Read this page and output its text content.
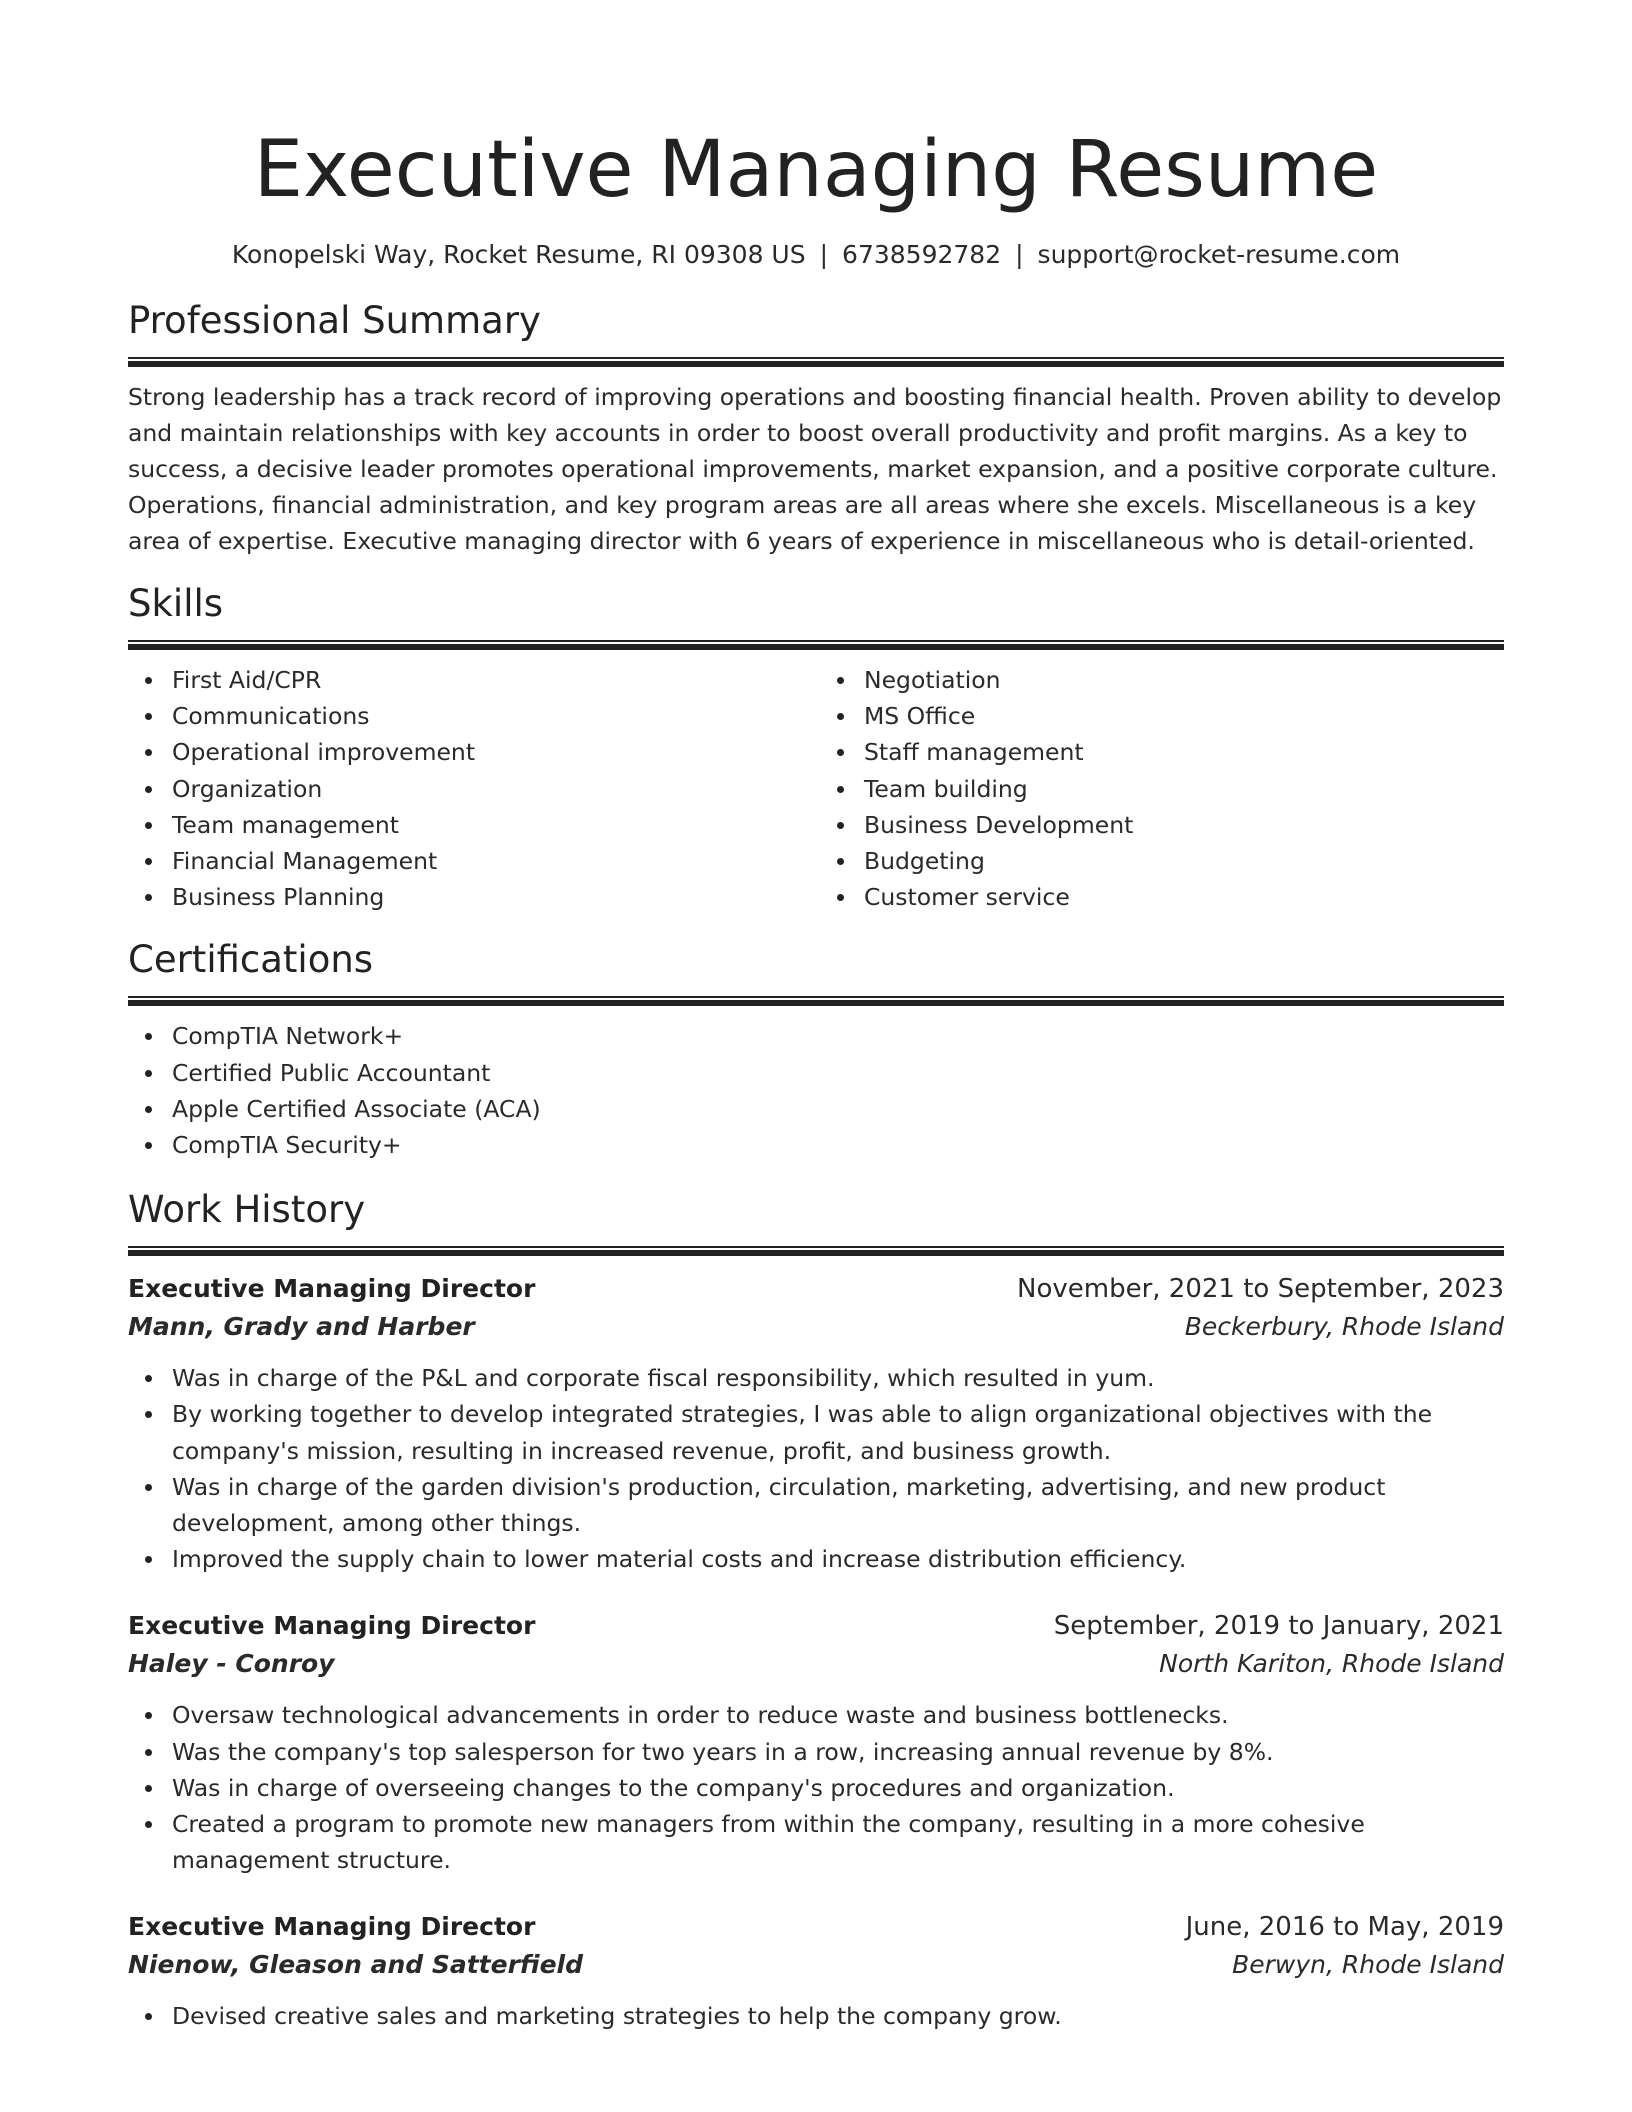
Executive Managing Resume
Konopelski Way, Rocket Resume, RI 09308 US | 6738592782 | support@rocket-resume.com
Professional Summary
Strong leadership has a track record of improving operations and boosting financial health. Proven ability to develop and maintain relationships with key accounts in order to boost overall productivity and profit margins. As a key to success, a decisive leader promotes operational improvements, market expansion, and a positive corporate culture. Operations, financial administration, and key program areas are all areas where she excels. Miscellaneous is a key area of expertise. Executive managing director with 6 years of experience in miscellaneous who is detail-oriented.
Skills
First Aid/CPR
Communications
Operational improvement
Organization
Team management
Financial Management
Business Planning
Negotiation
MS Office
Staff management
Team building
Business Development
Budgeting
Customer service
Certifications
CompTIA Network+
Certified Public Accountant
Apple Certified Associate (ACA)
CompTIA Security+
Work History
Executive Managing Director	November, 2021 to September, 2023
Mann, Grady and Harber	Beckerbury, Rhode Island
Was in charge of the P&L and corporate fiscal responsibility, which resulted in yum.
By working together to develop integrated strategies, I was able to align organizational objectives with the company's mission, resulting in increased revenue, profit, and business growth.
Was in charge of the garden division's production, circulation, marketing, advertising, and new product development, among other things.
Improved the supply chain to lower material costs and increase distribution efficiency.
Executive Managing Director	September, 2019 to January, 2021
Haley - Conroy	North Kariton, Rhode Island
Oversaw technological advancements in order to reduce waste and business bottlenecks.
Was the company's top salesperson for two years in a row, increasing annual revenue by 8%.
Was in charge of overseeing changes to the company's procedures and organization.
Created a program to promote new managers from within the company, resulting in a more cohesive management structure.
Executive Managing Director	June, 2016 to May, 2019
Nienow, Gleason and Satterfield	Berwyn, Rhode Island
Devised creative sales and marketing strategies to help the company grow.
